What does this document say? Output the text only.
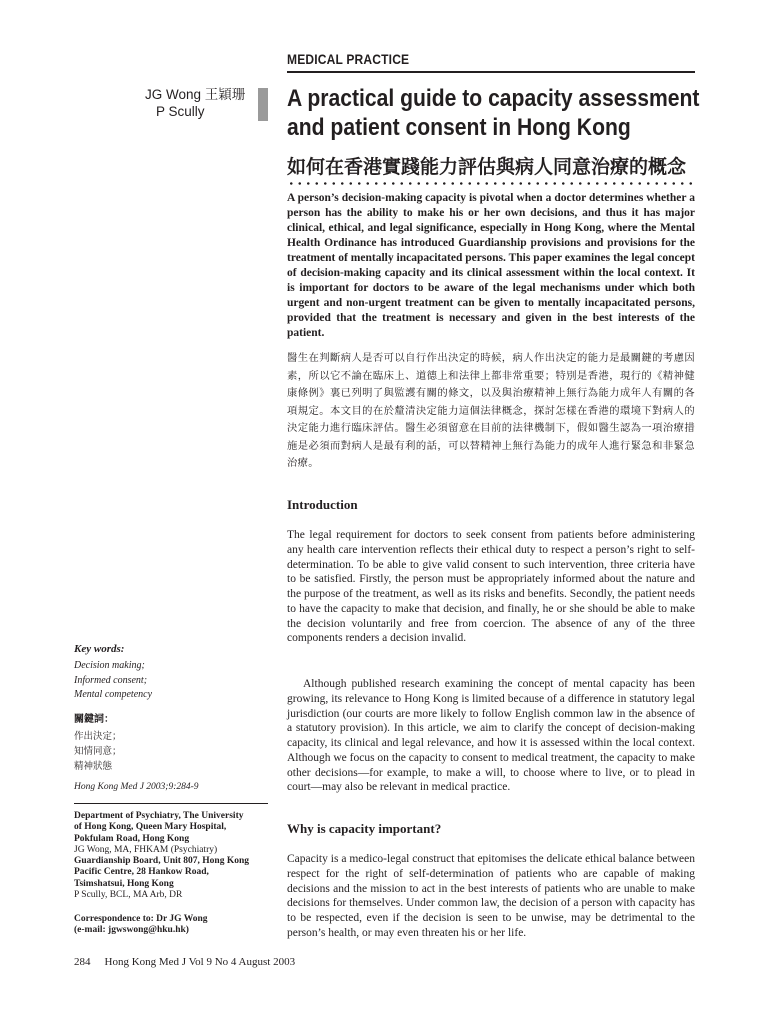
MEDICAL PRACTICE
JG Wong 王穎珊
P Scully	A practical guide to capacity assessment
and patient consent in Hong Kong
如何在香港實踐能力評估與病人同意治療的概念
A person’s decision-making capacity is pivotal when a doctor determines whether a person has the ability to make his or her own decisions, and thus it has major clinical, ethical, and legal significance, especially in Hong Kong, where the Mental Health Ordinance has introduced Guardianship provisions and provisions for the treatment of mentally incapacitated persons. This paper examines the legal concept of decision-making capacity and its clinical assessment within the local context. It is important for doctors to be aware of the legal mechanisms under which both urgent and non-urgent treatment can be given to mentally incapacitated persons, provided that the treatment is necessary and given in the best interests of the patient.
醫生在判斷病人是否可以自行作出決定的時候，病人作出決定的能力是最關鍵的考慮因素，所以它不論在臨床上、道德上和法律上都非常重要；特別是香港，現行的《精神健康條例》裏已列明了與監護有關的條文，以及與治療精神上無行為能力成年人有關的各項規定。本文目的在於釐清決定能力這個法律概念，探討怎樣在香港的環境下對病人的決定能力進行臨床評估。醫生必須留意在目前的法律機制下，假如醫生認為一項治療措施是必須而對病人是最有利的話，可以替精神上無行為能力的成年人進行緊急和非緊急治療。
Introduction
The legal requirement for doctors to seek consent from patients before administering any health care intervention reflects their ethical duty to respect a person’s right to self-determination. To be able to give valid consent to such intervention, three criteria have to be satisfied. Firstly, the person must be appropriately informed about the nature and the purpose of the treatment, as well as its risks and benefits. Secondly, the patient needs to have the capacity to make that decision, and finally, he or she should be able to make the decision voluntarily and free from coercion. The absence of any of the three components renders a decision invalid.
Although published research examining the concept of mental capacity has been growing, its relevance to Hong Kong is limited because of a difference in statutory legal jurisdiction (our courts are more likely to follow English common law in the absence of a statutory provision). In this article, we aim to clarify the concept of decision-making capacity, its clinical and legal relevance, and how it is assessed within the local context. Although we focus on the capacity to consent to medical treatment, the capacity to make other decisions—for example, to make a will, to choose where to live, or to plead in court—may also be relevant in medical practice.
Why is capacity important?
Capacity is a medico-legal construct that epitomises the delicate ethical balance between respect for the right of self-determination of patients who are capable of making decisions and the mission to act in the best interests of patients who are unable to make decisions for themselves. Under common law, the decision of a person with capacity has to be respected, even if the decision is seen to be unwise, may be detrimental to the person’s health, or may even threaten his or her life.
Key words:
Decision making;
Informed consent;
Mental competency
關鍵詞：
作出決定；
知情同意；
精神狀態
Hong Kong Med J 2003;9:284-9
Department of Psychiatry, The University
of Hong Kong, Queen Mary Hospital,
Pokfulam Road, Hong Kong
JG Wong, MA, FHKAM (Psychiatry)
Guardianship Board, Unit 807, Hong Kong
Pacific Centre, 28 Hankow Road,
Tsimshatsui, Hong Kong
P Scully, BCL, MA Arb, DR
Correspondence to: Dr JG Wong
(e-mail: jgwswong@hku.hk)
284 Hong Kong Med J Vol 9 No 4 August 2003
